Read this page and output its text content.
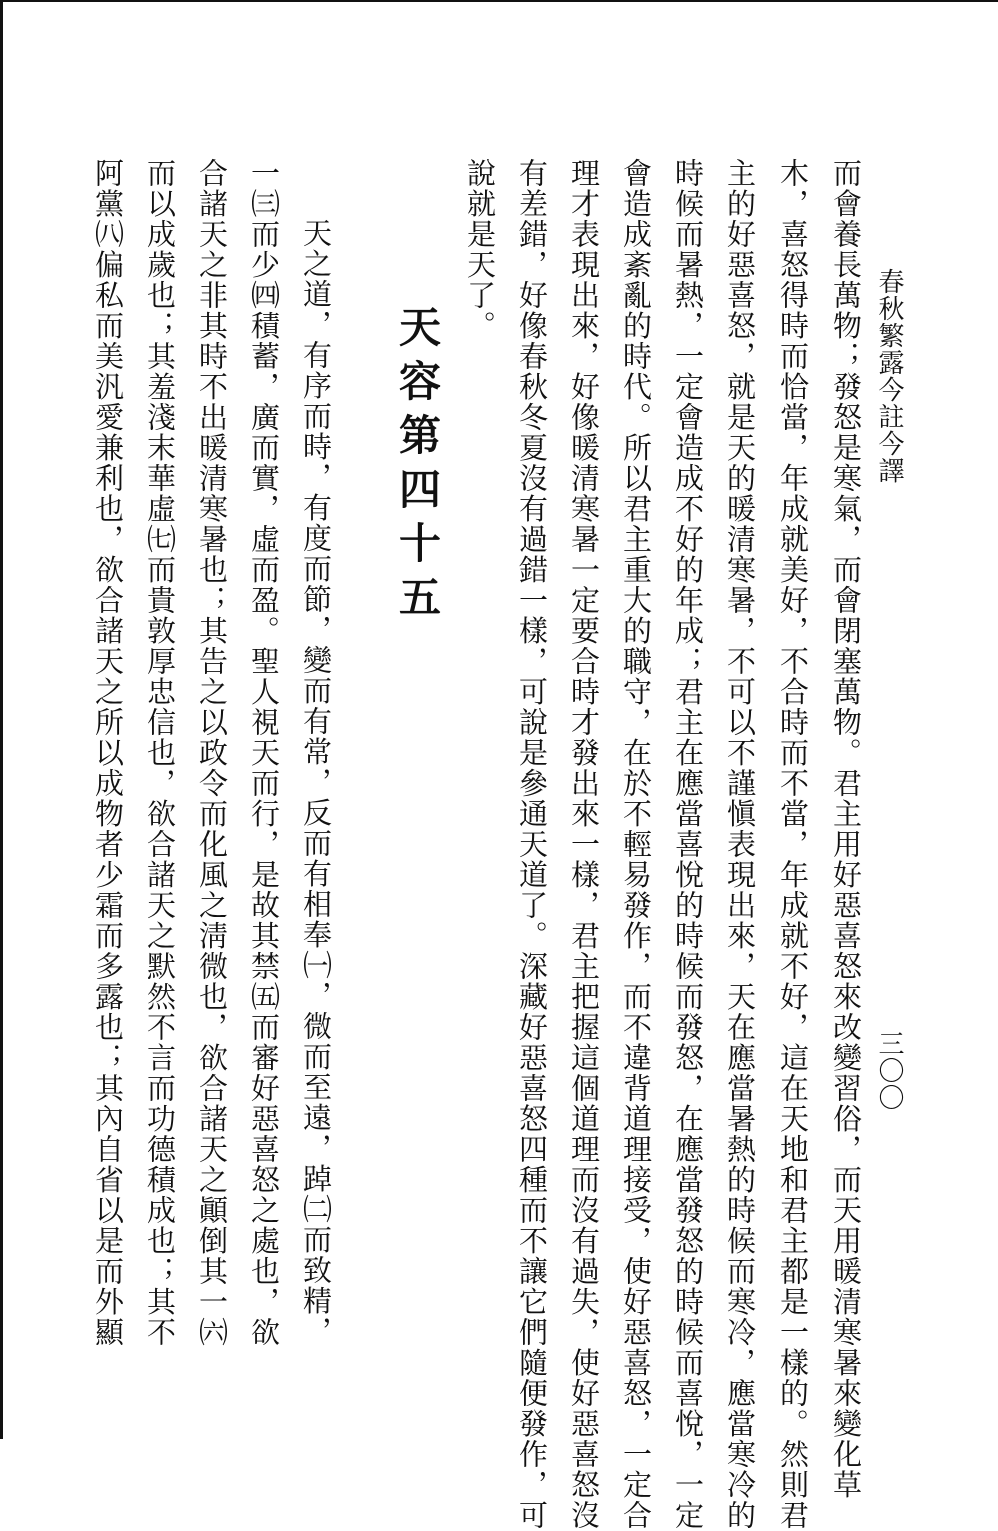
春秋繁露今註今譯
三〇〇
而會養長萬物；發怒是寒氣，而會閉塞萬物。君主用好惡喜怒來改變習俗，而天用暖清寒暑來變化草
木，喜怒得時而恰當，年成就美好，不合時而不當，年成就不好，這在天地和君主都是一樣的。然則君
主的好惡喜怒，就是天的暖清寒暑，不可以不謹愼表現出來，天在應當暑熱的時候而寒冷，應當寒冷的
時候而暑熱，一定會造成不好的年成；君主在應當喜悅的時候而發怒，在應當發怒的時候而喜悅，一定
會造成紊亂的時代。所以君主重大的職守，在於不輕易發作，而不違背道理接受，使好惡喜怒，一定合
理才表現出來，好像暖清寒暑一定要合時才發出來一樣，君主把握這個道理而沒有過失，使好惡喜怒沒
有差錯，好像春秋冬夏沒有過錯一樣，可說是參通天道了。深藏好惡喜怒四種而不讓它們隨便發作，可
說就是天了。
天容第四十五
天之道，有序而時，有度而節，變而有常，反而有相奉㈠，微而至遠，踔㈡而致精，
一㈢而少㈣積蓄，廣而實，虛而盈。聖人視天而行，是故其禁㈤而審好惡喜怒之處也，欲
合諸天之非其時不出暖清寒暑也；其告之以政令而化風之淸微也，欲合諸天之顚倒其一㈥
而以成歲也；其羞淺末華虛㈦而貴敦厚忠信也，欲合諸天之默然不言而功德積成也；其不
阿黨㈧偏私而美汎愛兼利也，欲合諸天之所以成物者少霜而多露也；其內自省以是而外顯
